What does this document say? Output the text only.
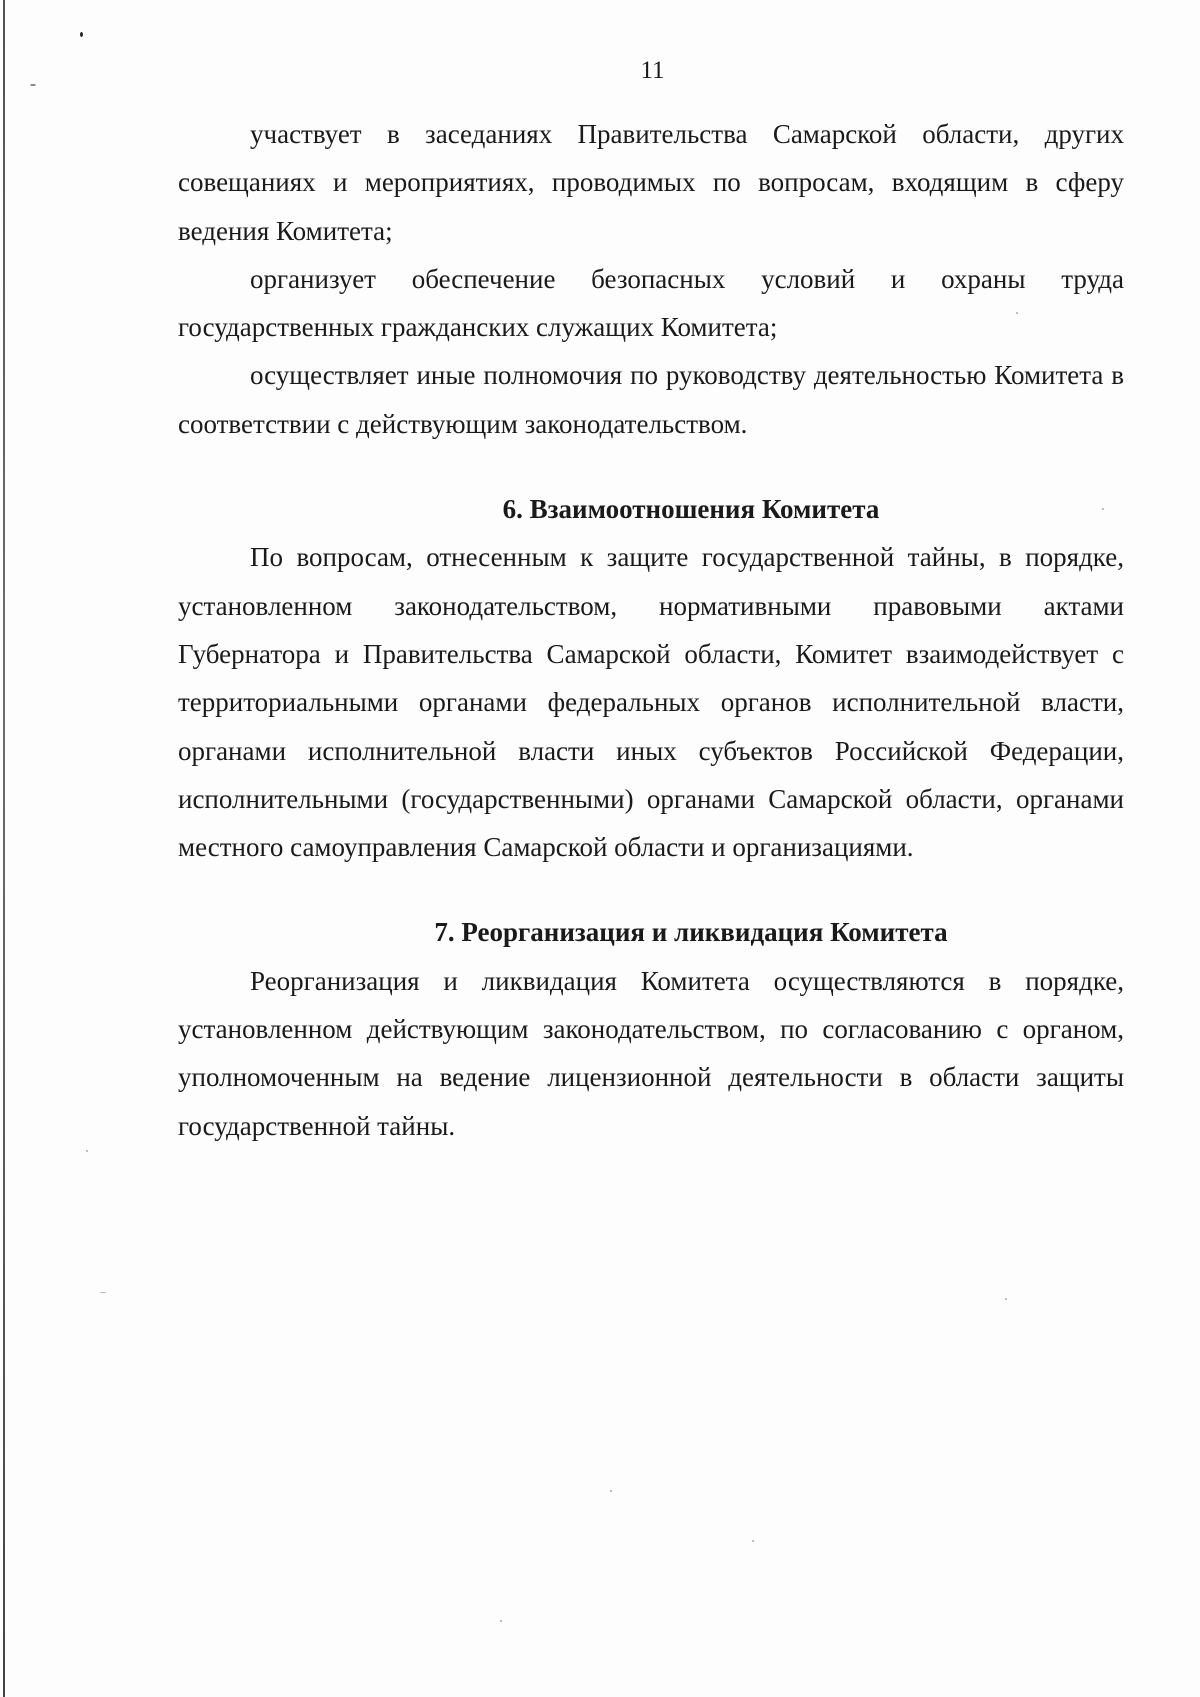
11

участвует в заседаниях Правительства Самарской области, других совещаниях и мероприятиях, проводимых по вопросам, входящим в сферу ведения Комитета;

организует обеспечение безопасных условий и охраны труда государственных гражданских служащих Комитета;

осуществляет иные полномочия по руководству деятельностью Комитета в соответствии с действующим законодательством.

6. Взаимоотношения Комитета

По вопросам, отнесенным к защите государственной тайны, в порядке, установленном законодательством, нормативными правовыми актами Губернатора и Правительства Самарской области, Комитет взаимодействует с территориальными органами федеральных органов исполнительной власти, органами исполнительной власти иных субъектов Российской Федерации, исполнительными (государственными) органами Самарской области, органами местного самоуправления Самарской области и организациями.

7. Реорганизация и ликвидация Комитета

Реорганизация и ликвидация Комитета осуществляются в порядке, установленном действующим законодательством, по согласованию с органом, уполномоченным на ведение лицензионной деятельности в области защиты государственной тайны.
